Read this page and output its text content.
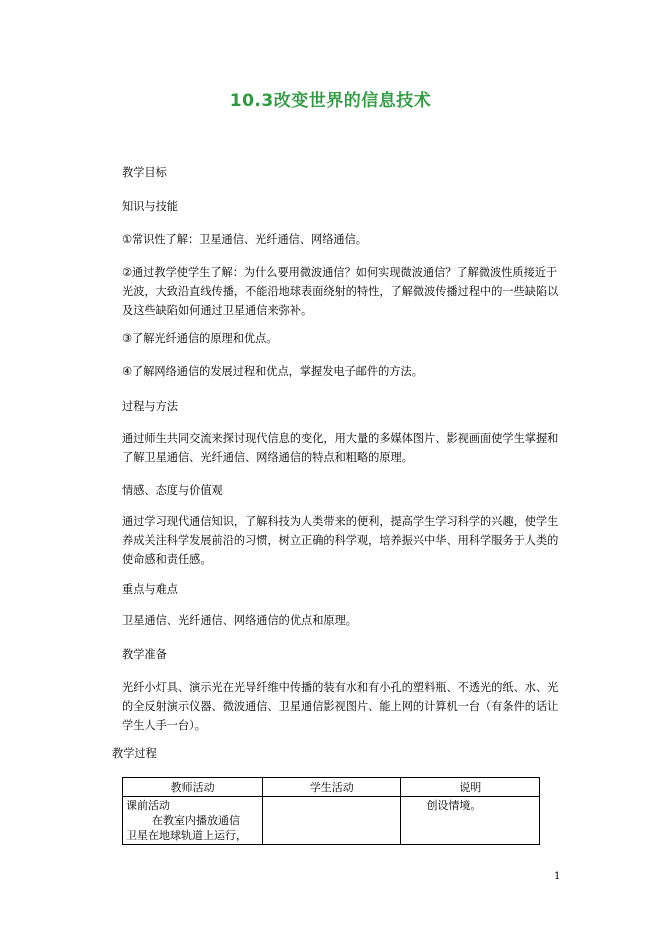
10.3改变世界的信息技术
教学目标
知识与技能
①常识性了解：卫星通信、光纤通信、网络通信。
②通过教学使学生了解：为什么要用微波通信？如何实现微波通信？了解微波性质接近于光波，大致沿直线传播，不能沿地球表面绕射的特性，了解微波传播过程中的一些缺陷以及这些缺陷如何通过卫星通信来弥补。
③了解光纤通信的原理和优点。
④了解网络通信的发展过程和优点，掌握发电子邮件的方法。
过程与方法
通过师生共同交流来探讨现代信息的变化，用大量的多媒体图片、影视画面使学生掌握和了解卫星通信、光纤通信、网络通信的特点和粗略的原理。
情感、态度与价值观
通过学习现代通信知识，了解科技为人类带来的便利，提高学生学习科学的兴趣，使学生养成关注科学发展前沿的习惯，树立正确的科学观，培养振兴中华、用科学服务于人类的使命感和责任感。
重点与难点
卫星通信、光纤通信、网络通信的优点和原理。
教学准备
光纤小灯具、演示光在光导纤维中传播的装有水和有小孔的塑料瓶、不透光的纸、水、光的全反射演示仪器、微波通信、卫星通信影视图片、能上网的计算机一台（有条件的话让学生人手一台）。
教学过程
教师活动	学生活动	说明

课前活动
在教室内播放通信
卫星在地球轨道上运行，		创设情境。
1
